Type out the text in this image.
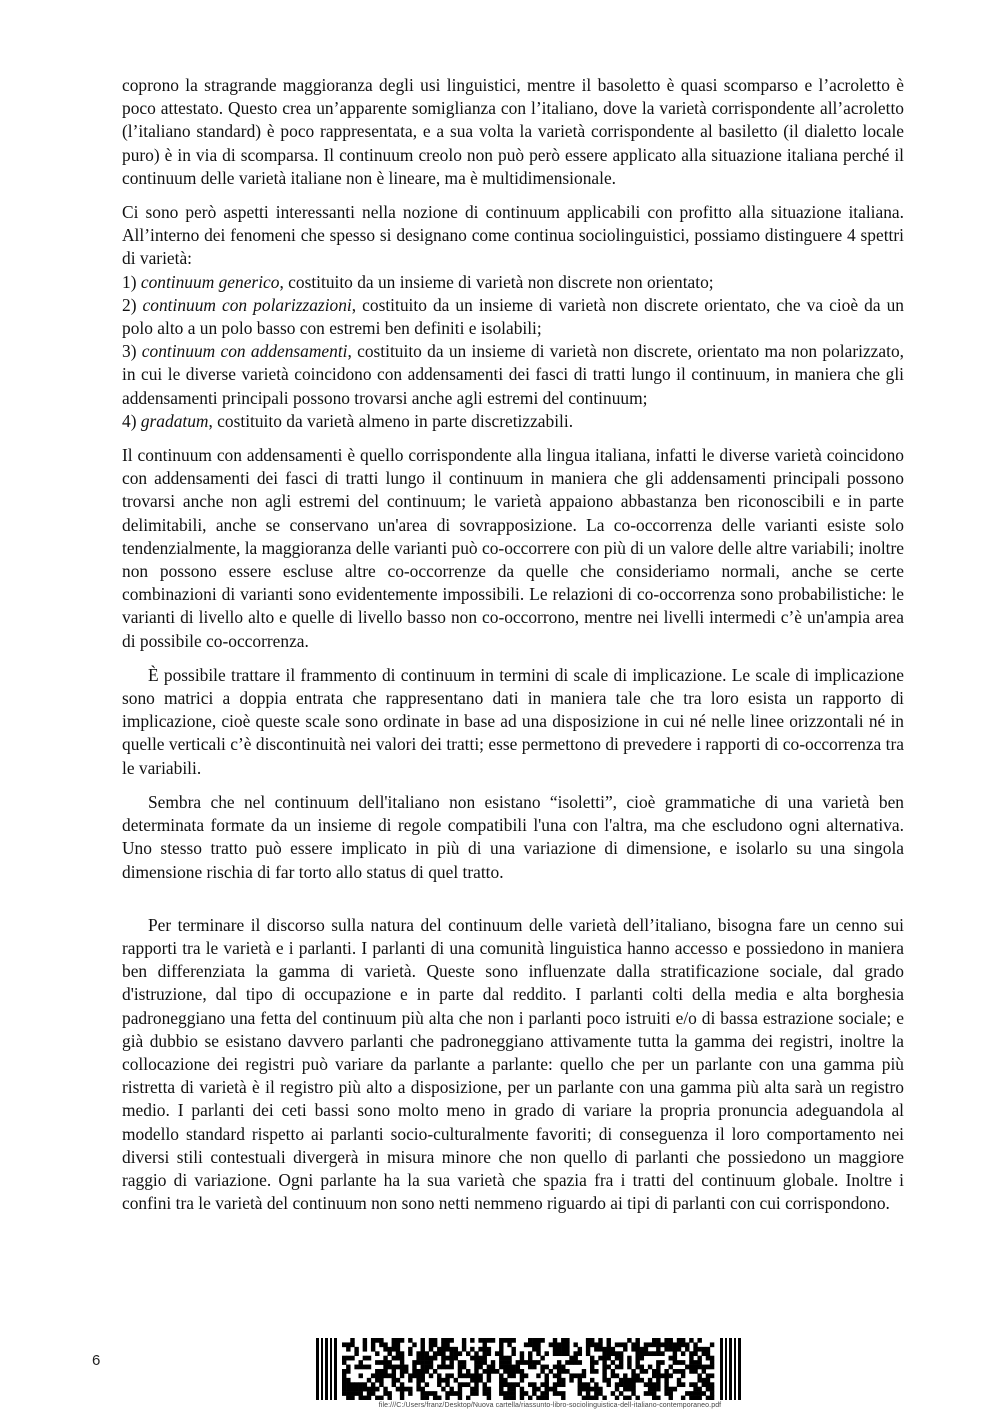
coprono la stragrande maggioranza degli usi linguistici, mentre il basoletto è quasi scomparso e l’acroletto è poco attestato. Questo crea un’apparente somiglianza con l’italiano, dove la varietà corrispondente all’acroletto (l’italiano standard) è poco rappresentata, e a sua volta la varietà corrispondente al basiletto (il dialetto locale puro) è in via di scomparsa. Il continuum creolo non può però essere applicato alla situazione italiana perché il continuum delle varietà italiane non è lineare, ma è multidimensionale.

Ci sono però aspetti interessanti nella nozione di continuum applicabili con profitto alla situazione italiana. All’interno dei fenomeni che spesso si designano come continua sociolinguistici, possiamo distinguere 4 spettri di varietà:
1) continuum generico, costituito da un insieme di varietà non discrete non orientato;
2) continuum con polarizzazioni, costituito da un insieme di varietà non discrete orientato, che va cioè da un polo alto a un polo basso con estremi ben definiti e isolabili;
3) continuum con addensamenti, costituito da un insieme di varietà non discrete, orientato ma non polarizzato, in cui le diverse varietà coincidono con addensamenti dei fasci di tratti lungo il continuum, in maniera che gli addensamenti principali possono trovarsi anche agli estremi del continuum;
4) gradatum, costituito da varietà almeno in parte discretizzabili.

Il continuum con addensamenti è quello corrispondente alla lingua italiana, infatti le diverse varietà coincidono con addensamenti dei fasci di tratti lungo il continuum in maniera che gli addensamenti principali possono trovarsi anche non agli estremi del continuum; le varietà appaiono abbastanza ben riconoscibili e in parte delimitabili, anche se conservano un'area di sovrapposizione. La co-occorrenza delle varianti esiste solo tendenzialmente, la maggioranza delle varianti può co-occorrere con più di un valore delle altre variabili; inoltre non possono essere escluse altre co-occorrenze da quelle che consideriamo normali, anche se certe combinazioni di varianti sono evidentemente impossibili. Le relazioni di co-occorrenza sono probabilistiche: le varianti di livello alto e quelle di livello basso non co-occorrono, mentre nei livelli intermedi c’è un'ampia area di possibile co-occorrenza.

È possibile trattare il frammento di continuum in termini di scale di implicazione. Le scale di implicazione sono matrici a doppia entrata che rappresentano dati in maniera tale che tra loro esista un rapporto di implicazione, cioè queste scale sono ordinate in base ad una disposizione in cui né nelle linee orizzontali né in quelle verticali c’è discontinuità nei valori dei tratti; esse permettono di prevedere i rapporti di co-occorrenza tra le variabili.

Sembra che nel continuum dell'italiano non esistano “isoletti”, cioè grammatiche di una varietà ben determinata formate da un insieme di regole compatibili l'una con l'altra, ma che escludono ogni alternativa. Uno stesso tratto può essere implicato in più di una variazione di dimensione, e isolarlo su una singola dimensione rischia di far torto allo status di quel tratto.

Per terminare il discorso sulla natura del continuum delle varietà dell’italiano, bisogna fare un cenno sui rapporti tra le varietà e i parlanti. I parlanti di una comunità linguistica hanno accesso e possiedono in maniera ben differenziata la gamma di varietà. Queste sono influenzate dalla stratificazione sociale, dal grado d'istruzione, dal tipo di occupazione e in parte dal reddito. I parlanti colti della media e alta borghesia padroneggiano una fetta del continuum più alta che non i parlanti poco istruiti e/o di bassa estrazione sociale; e già dubbio se esistano davvero parlanti che padroneggiano attivamente tutta la gamma dei registri, inoltre la collocazione dei registri può variare da parlante a parlante: quello che per un parlante con una gamma più ristretta di varietà è il registro più alto a disposizione, per un parlante con una gamma più alta sarà un registro medio. I parlanti dei ceti bassi sono molto meno in grado di variare la propria pronuncia adeguandola al modello standard rispetto ai parlanti socio-culturalmente favoriti; di conseguenza il loro comportamento nei diversi stili contestuali divergerà in misura minore che non quello di parlanti che possiedono un maggiore raggio di variazione. Ogni parlante ha la sua varietà che spazia fra i tratti del continuum globale. Inoltre i confini tra le varietà del continuum non sono netti nemmeno riguardo ai tipi di parlanti con cui corrispondono.

6
file:///C:/Users/franz/Desktop/Nuova cartella/riassunto-libro-sociolinguistica-dell-italiano-contemporaneo.pdf
